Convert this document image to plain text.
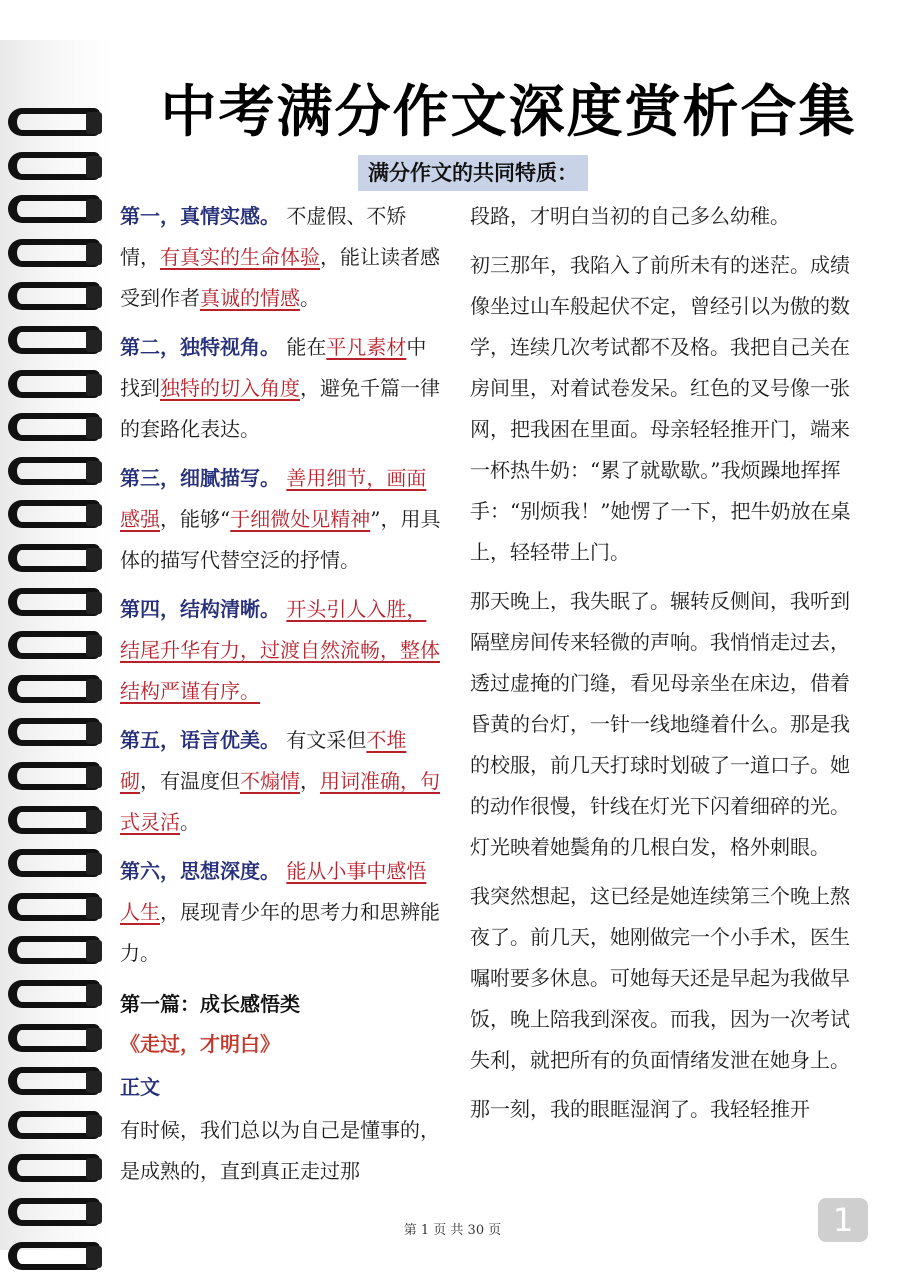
中考满分作文深度赏析合集
满分作文的共同特质：

第一，真情实感。 不虚假、不矫情，有真实的生命体验，能让读者感受到作者真诚的情感。

第二，独特视角。 能在平凡素材中找到独特的切入角度，避免千篇一律的套路化表达。

第三，细腻描写。 善用细节，画面感强，能够“于细微处见精神”，用具体的描写代替空泛的抒情。

第四，结构清晰。 开头引人入胜，结尾升华有力，过渡自然流畅，整体结构严谨有序。

第五，语言优美。 有文采但不堆砌，有温度但不煽情，用词准确，句式灵活。

第六，思想深度。 能从小事中感悟人生，展现青少年的思考力和思辨能力。

第一篇：成长感悟类
《走过，才明白》
正文

有时候，我们总以为自己是懂事的，是成熟的，直到真正走过那

段路，才明白当初的自己多么幼稚。

初三那年，我陷入了前所未有的迷茫。成绩像坐过山车般起伏不定，曾经引以为傲的数学，连续几次考试都不及格。我把自己关在房间里，对着试卷发呆。红色的叉号像一张网，把我困在里面。母亲轻轻推开门，端来一杯热牛奶：“累了就歇歇。”我烦躁地挥挥手：“别烦我！”她愣了一下，把牛奶放在桌上，轻轻带上门。

那天晚上，我失眠了。辗转反侧间，我听到隔壁房间传来轻微的声响。我悄悄走过去，透过虚掩的门缝，看见母亲坐在床边，借着昏黄的台灯，一针一线地缝着什么。那是我的校服，前几天打球时划破了一道口子。她的动作很慢，针线在灯光下闪着细碎的光。灯光映着她鬓角的几根白发，格外刺眼。

我突然想起，这已经是她连续第三个晚上熬夜了。前几天，她刚做完一个小手术，医生嘱咐要多休息。可她每天还是早起为我做早饭，晚上陪我到深夜。而我，因为一次考试失利，就把所有的负面情绪发泄在她身上。

那一刻，我的眼眶湿润了。我轻轻推开

第 1 页 共 30 页	1
